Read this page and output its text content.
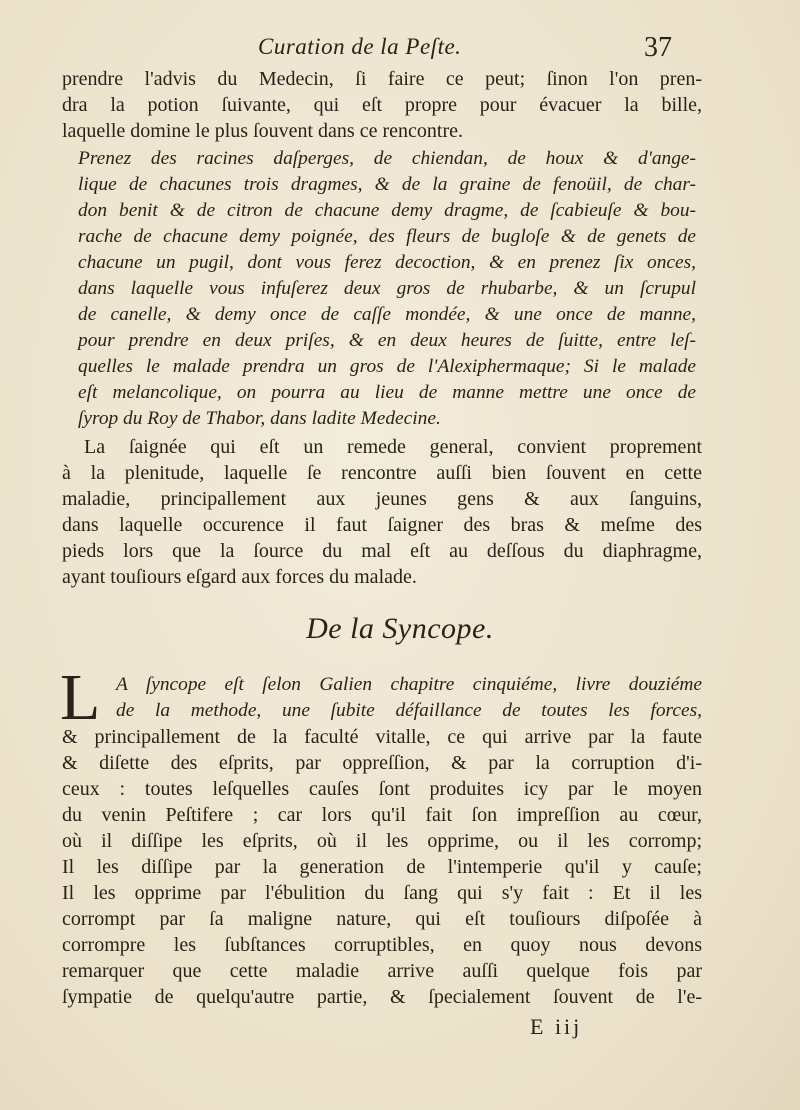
Curation de la Peſte.	37
prendre l'advis du Medecin, ſi faire ce peut; ſinon l'on pren-
dra la potion ſuivante, qui eſt propre pour évacuer la bille,
laquelle domine le plus ſouvent dans ce rencontre.
Prenez des racines daſperges, de chiendan, de houx & d'ange-
lique de chacunes trois dragmes, & de la graine de fenoüil, de char-
don benit & de citron de chacune demy dragme, de ſcabieuſe & bou-
rache de chacune demy poignée, des fleurs de bugloſe & de genets de
chacune un pugil, dont vous ferez decoction, & en prenez ſix onces,
dans laquelle vous infuſerez deux gros de rhubarbe, & un ſcrupul
de canelle, & demy once de caſſe mondée, & une once de manne,
pour prendre en deux priſes, & en deux heures de ſuitte, entre leſ-
quelles le malade prendra un gros de l'Alexiphermaque; Si le malade
eſt melancolique, on pourra au lieu de manne mettre une once de
ſyrop du Roy de Thabor, dans ladite Medecine.
La ſaignée qui eſt un remede general, convient proprement
à la plenitude, laquelle ſe rencontre auſſi bien ſouvent en cette
maladie, principallement aux jeunes gens & aux ſanguins,
dans laquelle occurence il faut ſaigner des bras & meſme des
pieds lors que la ſource du mal eſt au deſſous du diaphragme,
ayant touſiours eſgard aux forces du malade.
De la Syncope.
L A ſyncope eſt ſelon Galien chapitre cinquiéme, livre douziéme
de la methode, une ſubite défaillance de toutes les forces,
& principallement de la faculté vitalle, ce qui arrive par la faute
& diſette des eſprits, par oppreſſion, & par la corruption d'i-
ceux : toutes leſquelles cauſes ſont produites icy par le moyen
du venin Peſtifere ; car lors qu'il fait ſon impreſſion au cœur,
où il diſſipe les eſprits, où il les opprime, ou il les corromp;
Il les diſſipe par la generation de l'intemperie qu'il y cauſe;
Il les opprime par l'ébulition du ſang qui s'y fait : Et il les
corrompt par ſa maligne nature, qui eſt touſiours diſpoſée à
corrompre les ſubſtances corruptibles, en quoy nous devons
remarquer que cette maladie arrive auſſi quelque fois par
ſympatie de quelqu'autre partie, & ſpecialement ſouvent de l'e-
E iij
